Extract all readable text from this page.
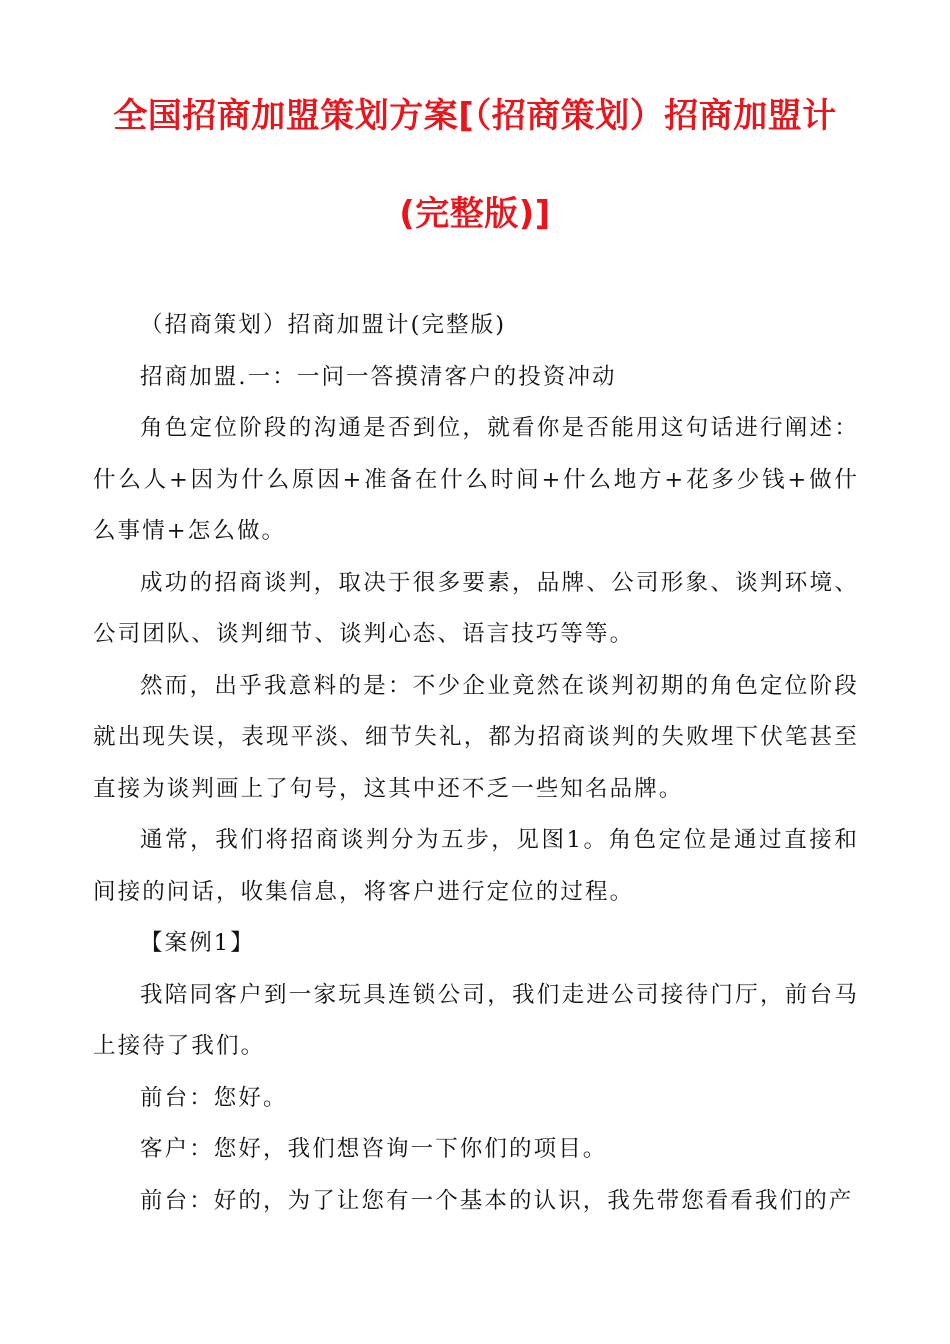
全国招商加盟策划方案[（招商策划）招商加盟计
(完整版)]

（招商策划）招商加盟计(完整版)

招商加盟.一：一问一答摸清客户的投资冲动

角色定位阶段的沟通是否到位，就看你是否能用这句话进行阐述：什么人+因为什么原因+准备在什么时间+什么地方+花多少钱+做什么事情+怎么做。

成功的招商谈判，取决于很多要素，品牌、公司形象、谈判环境、公司团队、谈判细节、谈判心态、语言技巧等等。

然而，出乎我意料的是：不少企业竟然在谈判初期的角色定位阶段就出现失误，表现平淡、细节失礼，都为招商谈判的失败埋下伏笔甚至直接为谈判画上了句号，这其中还不乏一些知名品牌。

通常，我们将招商谈判分为五步，见图1。角色定位是通过直接和间接的问话，收集信息，将客户进行定位的过程。

【案例1】

我陪同客户到一家玩具连锁公司，我们走进公司接待门厅，前台马上接待了我们。

前台：您好。

客户：您好，我们想咨询一下你们的项目。

前台：好的，为了让您有一个基本的认识，我先带您看看我们的产
